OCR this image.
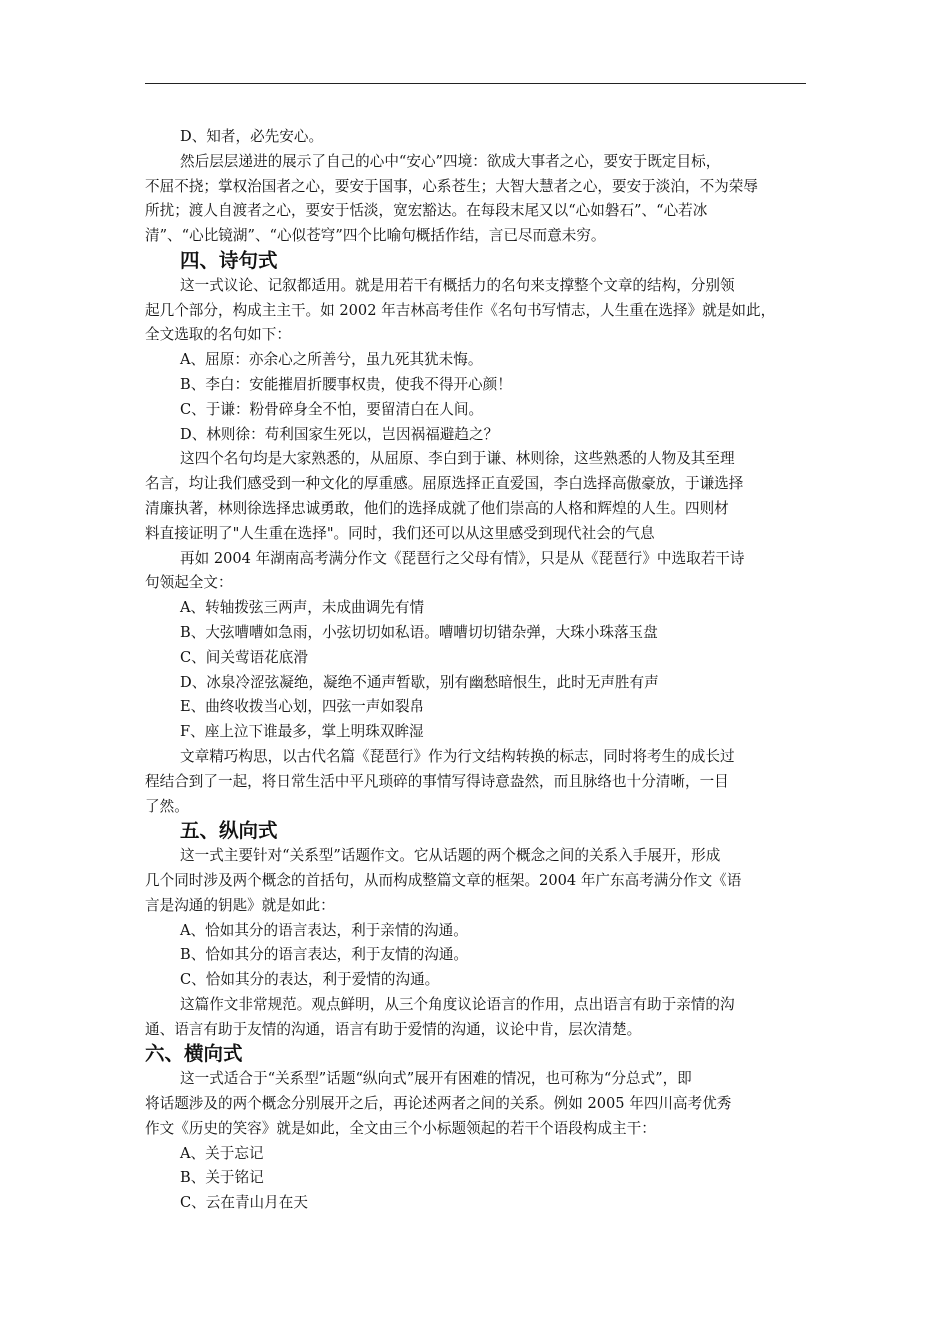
D、知者，必先安心。
然后层层递进的展示了自己的心中“安心”四境：欲成大事者之心，要安于既定目标，
不屈不挠；掌权治国者之心，要安于国事，心系苍生；大智大慧者之心，要安于淡泊，不为荣辱
所扰；渡人自渡者之心，要安于恬淡，宽宏豁达。在每段末尾又以“心如磐石”、“心若冰
清”、“心比镜湖”、“心似苍穹”四个比喻句概括作结，言已尽而意未穷。
四、诗句式
这一式议论、记叙都适用。就是用若干有概括力的名句来支撑整个文章的结构，分别领
起几个部分，构成主主干。如 2002 年吉林高考佳作《名句书写情志，人生重在选择》就是如此，
全文选取的名句如下：
A、屈原：亦余心之所善兮，虽九死其犹未悔。
B、李白：安能摧眉折腰事权贵，使我不得开心颜！
C、于谦：粉骨碎身全不怕，要留清白在人间。
D、林则徐：苟利国家生死以，岂因祸福避趋之？
这四个名句均是大家熟悉的，从屈原、李白到于谦、林则徐，这些熟悉的人物及其至理
名言，均让我们感受到一种文化的厚重感。屈原选择正直爱国，李白选择高傲豪放，于谦选择
清廉执著，林则徐选择忠诚勇敢，他们的选择成就了他们崇高的人格和辉煌的人生。四则材
料直接证明了"人生重在选择"。同时，我们还可以从这里感受到现代社会的气息
再如 2004 年湖南高考满分作文《琵琶行之父母有情》，只是从《琵琶行》中选取若干诗
句领起全文：
A、转轴拨弦三两声，未成曲调先有情
B、大弦嘈嘈如急雨，小弦切切如私语。嘈嘈切切错杂弹，大珠小珠落玉盘
C、间关莺语花底滑
D、冰泉冷涩弦凝绝，凝绝不通声暂歇，别有幽愁暗恨生，此时无声胜有声
E、曲终收拨当心划，四弦一声如裂帛
F、座上泣下谁最多，掌上明珠双眸湿
文章精巧构思，以古代名篇《琵琶行》作为行文结构转换的标志，同时将考生的成长过
程结合到了一起，将日常生活中平凡琐碎的事情写得诗意盎然，而且脉络也十分清晰，一目
了然。
五、纵向式
这一式主要针对“关系型”话题作文。它从话题的两个概念之间的关系入手展开，形成
几个同时涉及两个概念的首括句，从而构成整篇文章的框架。2004 年广东高考满分作文《语
言是沟通的钥匙》就是如此：
A、恰如其分的语言表达，利于亲情的沟通。
B、恰如其分的语言表达，利于友情的沟通。
C、恰如其分的表达，利于爱情的沟通。
这篇作文非常规范。观点鲜明，从三个角度议论语言的作用，点出语言有助于亲情的沟
通、语言有助于友情的沟通，语言有助于爱情的沟通，议论中肯，层次清楚。
六、横向式
这一式适合于“关系型”话题“纵向式”展开有困难的情况，也可称为“分总式”，即
将话题涉及的两个概念分别展开之后，再论述两者之间的关系。例如 2005 年四川高考优秀
作文《历史的笑容》就是如此，全文由三个小标题领起的若干个语段构成主干：
A、关于忘记
B、关于铭记
C、云在青山月在天
